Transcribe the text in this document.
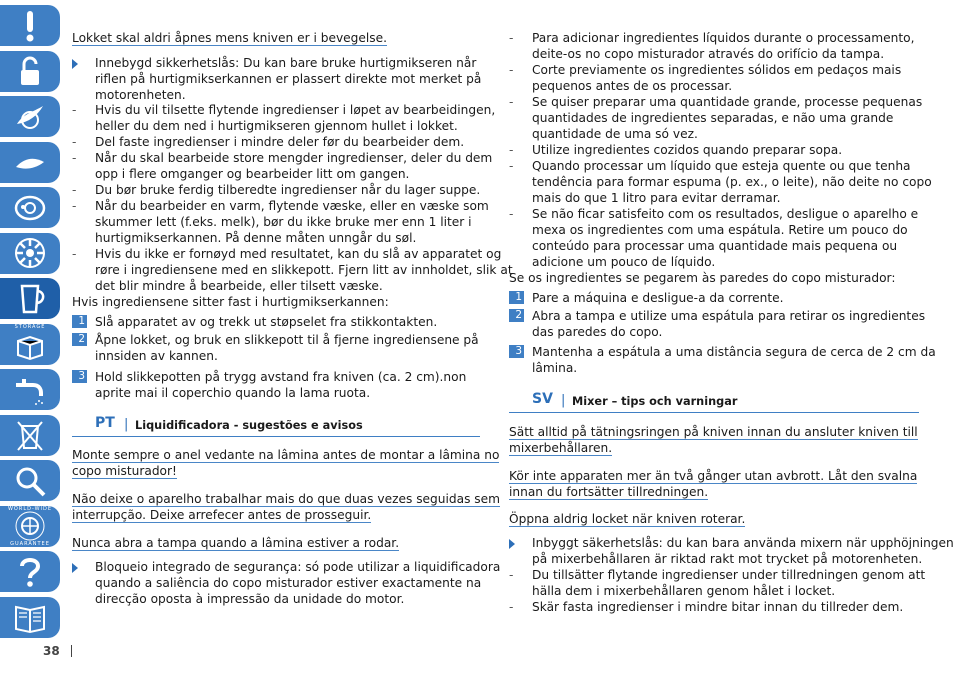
STORAGE
WORLD-WIDE
GUARANTEE
Lokket skal aldri åpnes mens kniven er i bevegelse.
Innebygd sikkerhetslås: Du kan bare bruke hurtigmikseren når
riflen på hurtigmikserkannen er plassert direkte mot merket på
motorenheten.
- Hvis du vil tilsette flytende ingredienser i løpet av bearbeidingen,
heller du dem ned i hurtigmikseren gjennom hullet i lokket.
- Del faste ingredienser i mindre deler før du bearbeider dem.
- Når du skal bearbeide store mengder ingredienser, deler du dem
opp i flere omganger og bearbeider litt om gangen.
- Du bør bruke ferdig tilberedte ingredienser når du lager suppe.
- Når du bearbeider en varm, flytende væske, eller en væske som
skummer lett (f.eks. melk), bør du ikke bruke mer enn 1 liter i
hurtigmikserkannen. På denne måten unngår du søl.
- Hvis du ikke er fornøyd med resultatet, kan du slå av apparatet og
røre i ingrediensene med en slikkepott. Fjern litt av innholdet, slik at
det blir mindre å bearbeide, eller tilsett væske.
Hvis ingrediensene sitter fast i hurtigmikserkannen:
1 Slå apparatet av og trekk ut støpselet fra stikkontakten.
2 Åpne lokket, og bruk en slikkepott til å fjerne ingrediensene på
innsiden av kannen.
3 Hold slikkepotten på trygg avstand fra kniven (ca. 2 cm).non
aprite mai il coperchio quando la lama ruota.
PT | Liquidificadora - sugestões e avisos
Monte sempre o anel vedante na lâmina antes de montar a lâmina no
copo misturador!
Não deixe o aparelho trabalhar mais do que duas vezes seguidas sem
interrupção. Deixe arrefecer antes de prosseguir.
Nunca abra a tampa quando a lâmina estiver a rodar.
Bloqueio integrado de segurança: só pode utilizar a liquidificadora
quando a saliência do copo misturador estiver exactamente na
direcção oposta à impressão da unidade do motor.
- Para adicionar ingredientes líquidos durante o processamento,
deite-os no copo misturador através do orifício da tampa.
- Corte previamente os ingredientes sólidos em pedaços mais
pequenos antes de os processar.
- Se quiser preparar uma quantidade grande, processe pequenas
quantidades de ingredientes separadas, e não uma grande
quantidade de uma só vez.
- Utilize ingredientes cozidos quando preparar sopa.
- Quando processar um líquido que esteja quente ou que tenha
tendência para formar espuma (p. ex., o leite), não deite no copo
mais do que 1 litro para evitar derramar.
- Se não ficar satisfeito com os resultados, desligue o aparelho e
mexa os ingredientes com uma espátula. Retire um pouco do
conteúdo para processar uma quantidade mais pequena ou
adicione um pouco de líquido.
Se os ingredientes se pegarem às paredes do copo misturador:
1 Pare a máquina e desligue-a da corrente.
2 Abra a tampa e utilize uma espátula para retirar os ingredientes
das paredes do copo.
3 Mantenha a espátula a uma distância segura de cerca de 2 cm da
lâmina.
SV | Mixer – tips och varningar
Sätt alltid på tätningsringen på kniven innan du ansluter kniven till
mixerbehållaren.
Kör inte apparaten mer än två gånger utan avbrott. Låt den svalna
innan du fortsätter tillredningen.
Öppna aldrig locket när kniven roterar.
Inbyggt säkerhetslås: du kan bara använda mixern när upphöjningen
på mixerbehållaren är riktad rakt mot trycket på motorenheten.
- Du tillsätter flytande ingredienser under tillredningen genom att
hälla dem i mixerbehållaren genom hålet i locket.
- Skär fasta ingredienser i mindre bitar innan du tillreder dem.
38
